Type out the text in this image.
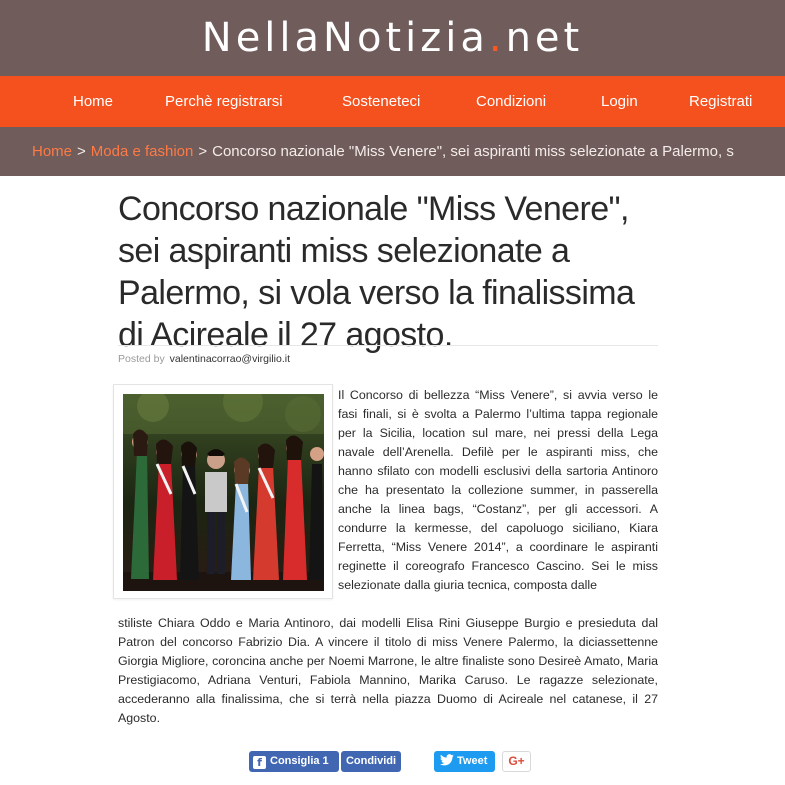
NellaNotizia.net
Home	Perchè registrarsi	Sosteneteci	Condizioni	Login	Registrati
Home > Moda e fashion > Concorso nazionale "Miss Venere", sei aspiranti miss selezionate a Palermo, s
Concorso nazionale "Miss Venere", sei aspiranti miss selezionate a Palermo, si vola verso la finalissima di Acireale il 27 agosto.
Posted by valentinacorrao@virgilio.it
Il Concorso di bellezza “Miss Venere”, si avvia verso le fasi finali, si è svolta a Palermo l’ultima tappa regionale per la Sicilia, location sul mare, nei pressi della Lega navale dell’Arenella. Defilè per le aspiranti miss, che hanno sfilato con modelli esclusivi della sartoria Antinoro che ha presentato la collezione summer, in passerella anche la linea bags, “Costanz”, per gli accessori. A condurre la kermesse, del capoluogo siciliano, Kiara Ferretta, “Miss Venere 2014”, a coordinare le aspiranti reginette il coreografo Francesco Cascino. Sei le miss selezionate dalla giuria tecnica, composta dalle
stiliste Chiara Oddo e Maria Antinoro, dai modelli Elisa Rini Giuseppe Burgio e presieduta dal Patron del concorso Fabrizio Dia. A vincere il titolo di miss Venere Palermo, la diciassettenne Giorgia Migliore, coroncina anche per Noemi Marrone, le altre finaliste sono Desireè Amato, Maria Prestigiacomo, Adriana Venturi, Fabiola Mannino, Marika Caruso. Le ragazze selezionate, accederanno alla finalissima, che si terrà nella piazza Duomo di Acireale nel catanese, il 27 Agosto.
f Consiglia 1	Condividi	Tweet	G+
